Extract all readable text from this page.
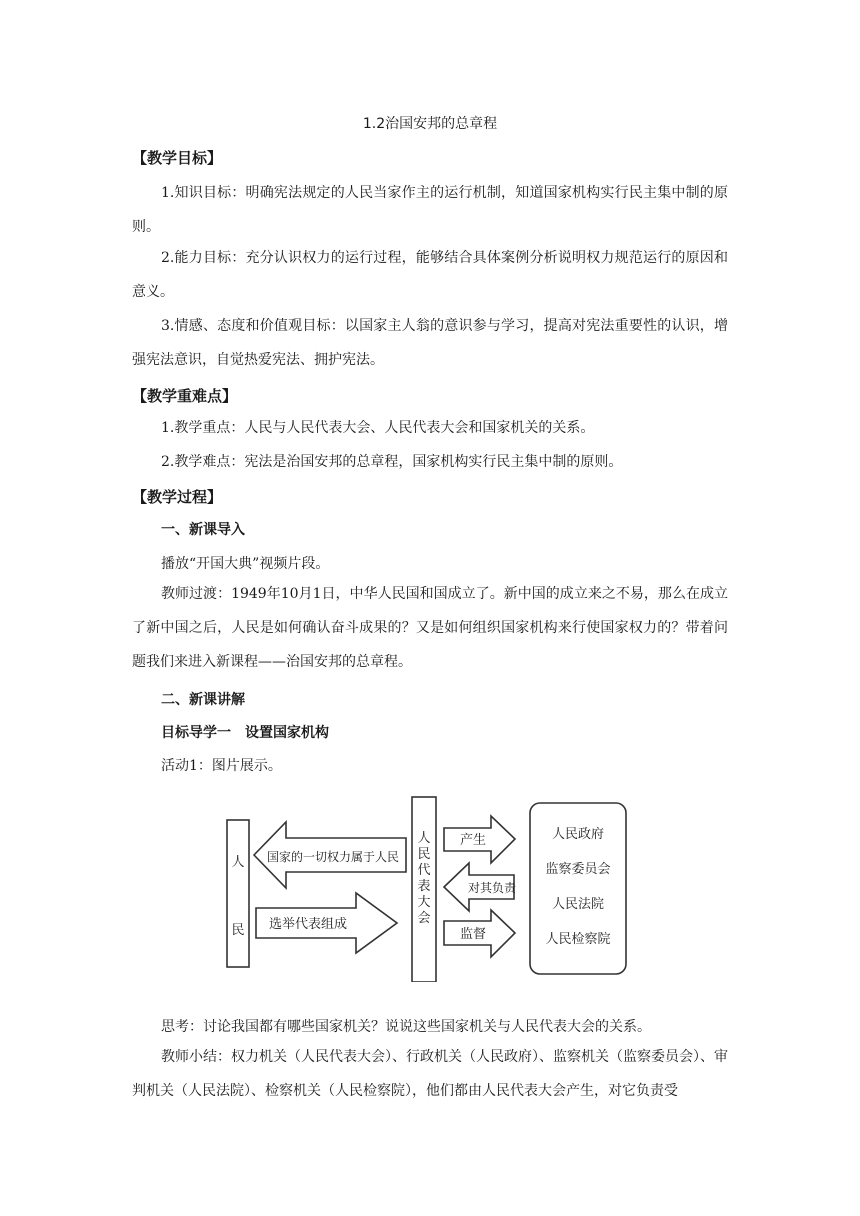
1.2治国安邦的总章程
【教学目标】
1.知识目标：明确宪法规定的人民当家作主的运行机制，知道国家机构实行民主集中制的原则。
2.能力目标：充分认识权力的运行过程，能够结合具体案例分析说明权力规范运行的原因和意义。
3.情感、态度和价值观目标：以国家主人翁的意识参与学习，提高对宪法重要性的认识，增强宪法意识，自觉热爱宪法、拥护宪法。
【教学重难点】
1.教学重点：人民与人民代表大会、人民代表大会和国家机关的关系。
2.教学难点：宪法是治国安邦的总章程，国家机构实行民主集中制的原则。
【教学过程】
一、新课导入
播放“开国大典”视频片段。
教师过渡：1949年10月1日，中华人民国和国成立了。新中国的成立来之不易，那么在成立了新中国之后，人民是如何确认奋斗成果的？又是如何组织国家机构来行使国家权力的？带着问题我们来进入新课程——治国安邦的总章程。
二、新课讲解
目标导学一　设置国家机构
活动1：图片展示。
人
民
国家的一切权力属于人民
选举代表组成
人
民
代
表
大
会
产生
对其负责
监督
人民政府
监察委员会
人民法院
人民检察院
思考：讨论我国都有哪些国家机关？说说这些国家机关与人民代表大会的关系。
教师小结：权力机关（人民代表大会）、行政机关（人民政府）、监察机关（监察委员会）、审判机关（人民法院）、检察机关（人民检察院），他们都由人民代表大会产生，对它负责受
